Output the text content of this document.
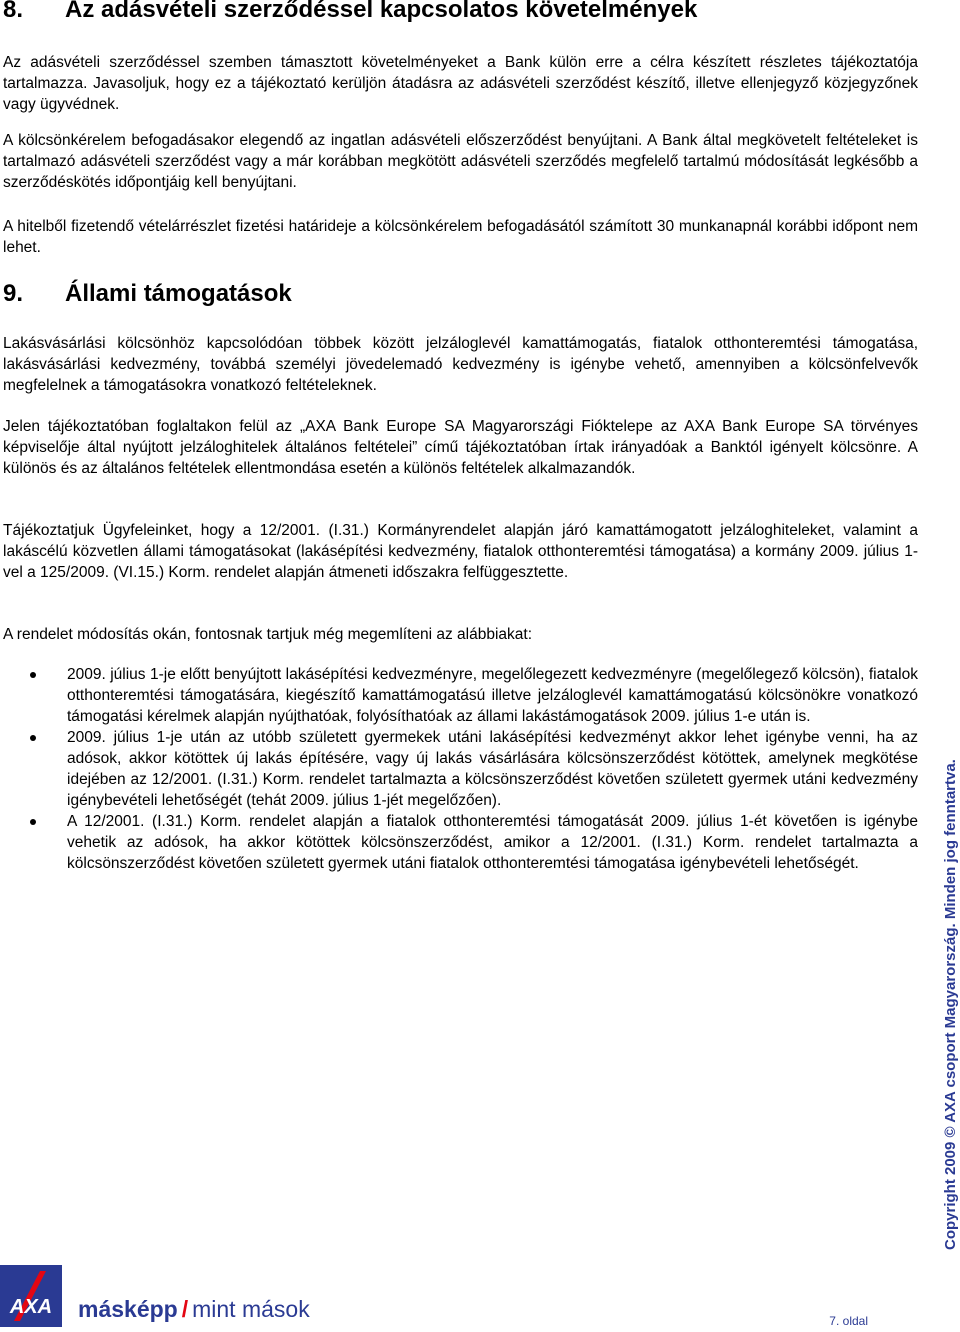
8. Az adásvételi szerződéssel kapcsolatos követelmények

Az adásvételi szerződéssel szemben támasztott követelményeket a Bank külön erre a célra készített részletes tájékoztatója tartalmazza. Javasoljuk, hogy ez a tájékoztató kerüljön átadásra az adásvételi szerződést készítő, illetve ellenjegyző közjegyzőnek vagy ügyvédnek.

A kölcsönkérelem befogadásakor elegendő az ingatlan adásvételi előszerződést benyújtani. A Bank által megkövetelt feltételeket is tartalmazó adásvételi szerződést vagy a már korábban megkötött adásvételi szerződés megfelelő tartalmú módosítását legkésőbb a szerződéskötés időpontjáig kell benyújtani.

A hitelből fizetendő vételárrészlet fizetési határideje a kölcsönkérelem befogadásától számított 30 munkanapnál korábbi időpont nem lehet.

9. Állami támogatások

Lakásvásárlási kölcsönhöz kapcsolódóan többek között jelzáloglevél kamattámogatás, fiatalok otthonteremtési támogatása, lakásvásárlási kedvezmény, továbbá személyi jövedelemadó kedvezmény is igénybe vehető, amennyiben a kölcsönfelvevők megfelelnek a támogatásokra vonatkozó feltételeknek.

Jelen tájékoztatóban foglaltakon felül az „AXA Bank Europe SA Magyarországi Fióktelepe az AXA Bank Europe SA törvényes képviselője által nyújtott jelzáloghitelek általános feltételei” című tájékoztatóban írtak irányadóak a Banktól igényelt kölcsönre. A különös és az általános feltételek ellentmondása esetén a különös feltételek alkalmazandók.

Tájékoztatjuk Ügyfeleinket, hogy a 12/2001. (I.31.) Kormányrendelet alapján járó kamattámogatott jelzáloghiteleket, valamint a lakáscélú közvetlen állami támogatásokat (lakásépítési kedvezmény, fiatalok otthonteremtési támogatása) a kormány 2009. július 1-vel a 125/2009. (VI.15.) Korm. rendelet alapján átmeneti időszakra felfüggesztette.

A rendelet módosítás okán, fontosnak tartjuk még megemlíteni az alábbiakat:

2009. július 1-je előtt benyújtott lakásépítési kedvezményre, megelőlegezett kedvezményre (megelőlegező kölcsön), fiatalok otthonteremtési támogatására, kiegészítő kamattámogatású illetve jelzáloglevél kamattámogatású kölcsönökre vonatkozó támogatási kérelmek alapján nyújthatóak, folyósíthatóak az állami lakástámogatások 2009. július 1-e után is.
2009. július 1-je után az utóbb született gyermekek utáni lakásépítési kedvezményt akkor lehet igénybe venni, ha az adósok, akkor kötöttek új lakás építésére, vagy új lakás vásárlására kölcsönszerződést kötöttek, amelynek megkötése idejében az 12/2001. (I.31.) Korm. rendelet tartalmazta a kölcsönszerződést követően született gyermek utáni kedvezmény igénybevételi lehetőségét (tehát 2009. július 1-jét megelőzően).
A 12/2001. (I.31.) Korm. rendelet alapján a fiatalok otthonteremtési támogatását 2009. július 1-ét követően is igénybe vehetik az adósok, ha akkor kötöttek kölcsönszerződést, amikor a 12/2001. (I.31.) Korm. rendelet tartalmazta a kölcsönszerződést követően született gyermek utáni fiatalok otthonteremtési támogatása igénybevételi lehetőségét.	Copyright 2009 © AXA csoport Magyarország. Minden jog fenntartva.
AXA másképp / mint mások	7. oldal
